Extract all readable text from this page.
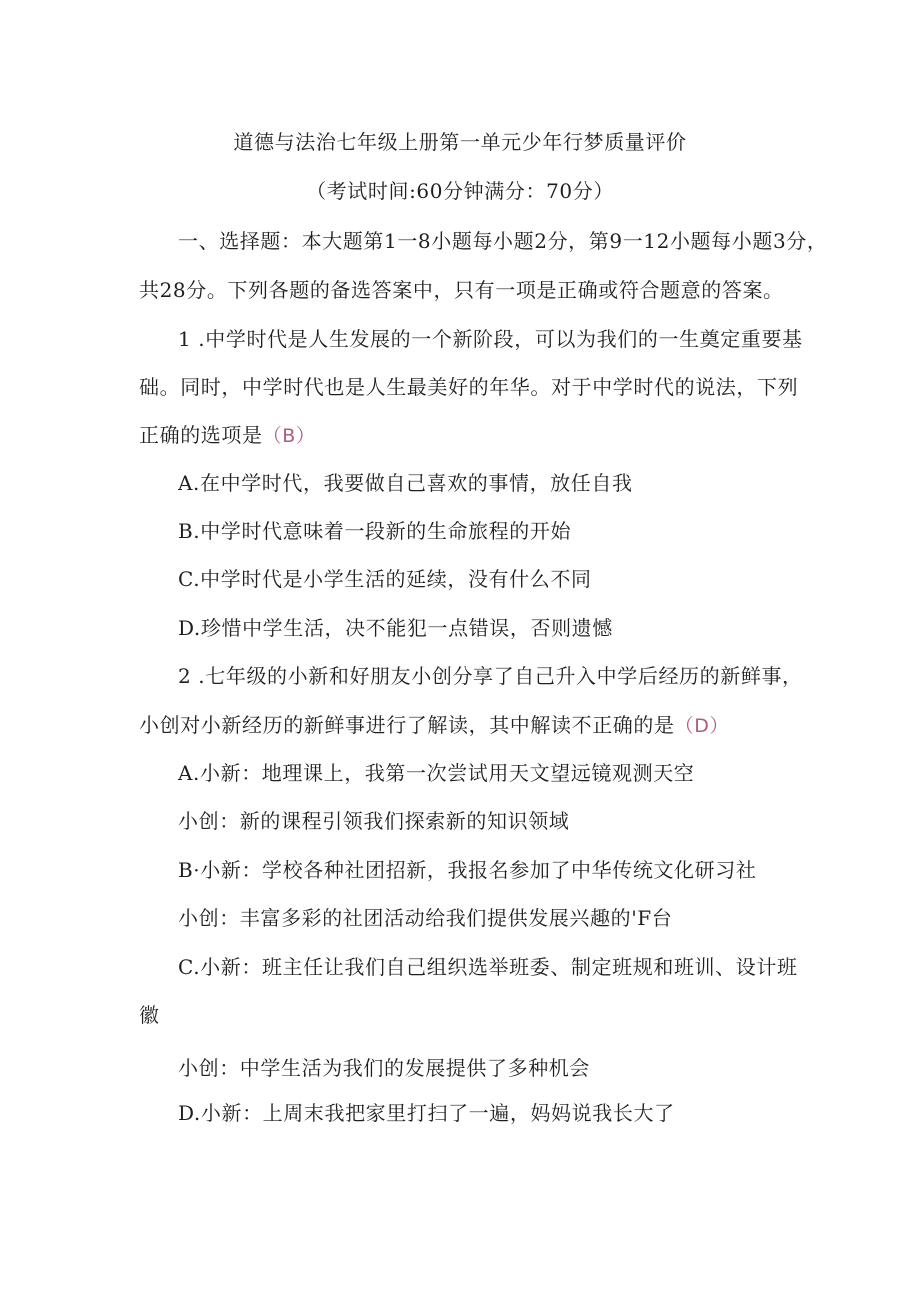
道德与法治七年级上册第一单元少年行梦质量评价
（考试时间:60分钟满分：70分）
一、选择题：本大题第1一8小题每小题2分，第9一12小题每小题3分，
共28分。下列各题的备选答案中，只有一项是正确或符合题意的答案。
1 .中学时代是人生发展的一个新阶段，可以为我们的一生奠定重要基
础。同时，中学时代也是人生最美好的年华。对于中学时代的说法，下列
正确的选项是（B）
A.在中学时代，我要做自己喜欢的事情，放任自我
B.中学时代意味着一段新的生命旅程的开始
C.中学时代是小学生活的延续，没有什么不同
D.珍惜中学生活，决不能犯一点错误，否则遗憾
2 .七年级的小新和好朋友小创分享了自己升入中学后经历的新鲜事，
小创对小新经历的新鲜事进行了解读，其中解读不正确的是（D）
A.小新：地理课上，我第一次尝试用天文望远镜观测天空
小创：新的课程引领我们探索新的知识领域
B·小新：学校各种社团招新，我报名参加了中华传统文化研习社
小创：丰富多彩的社团活动给我们提供发展兴趣的'F台
C.小新：班主任让我们自己组织选举班委、制定班规和班训、设计班
徽
小创：中学生活为我们的发展提供了多种机会
D.小新：上周末我把家里打扫了一遍，妈妈说我长大了
